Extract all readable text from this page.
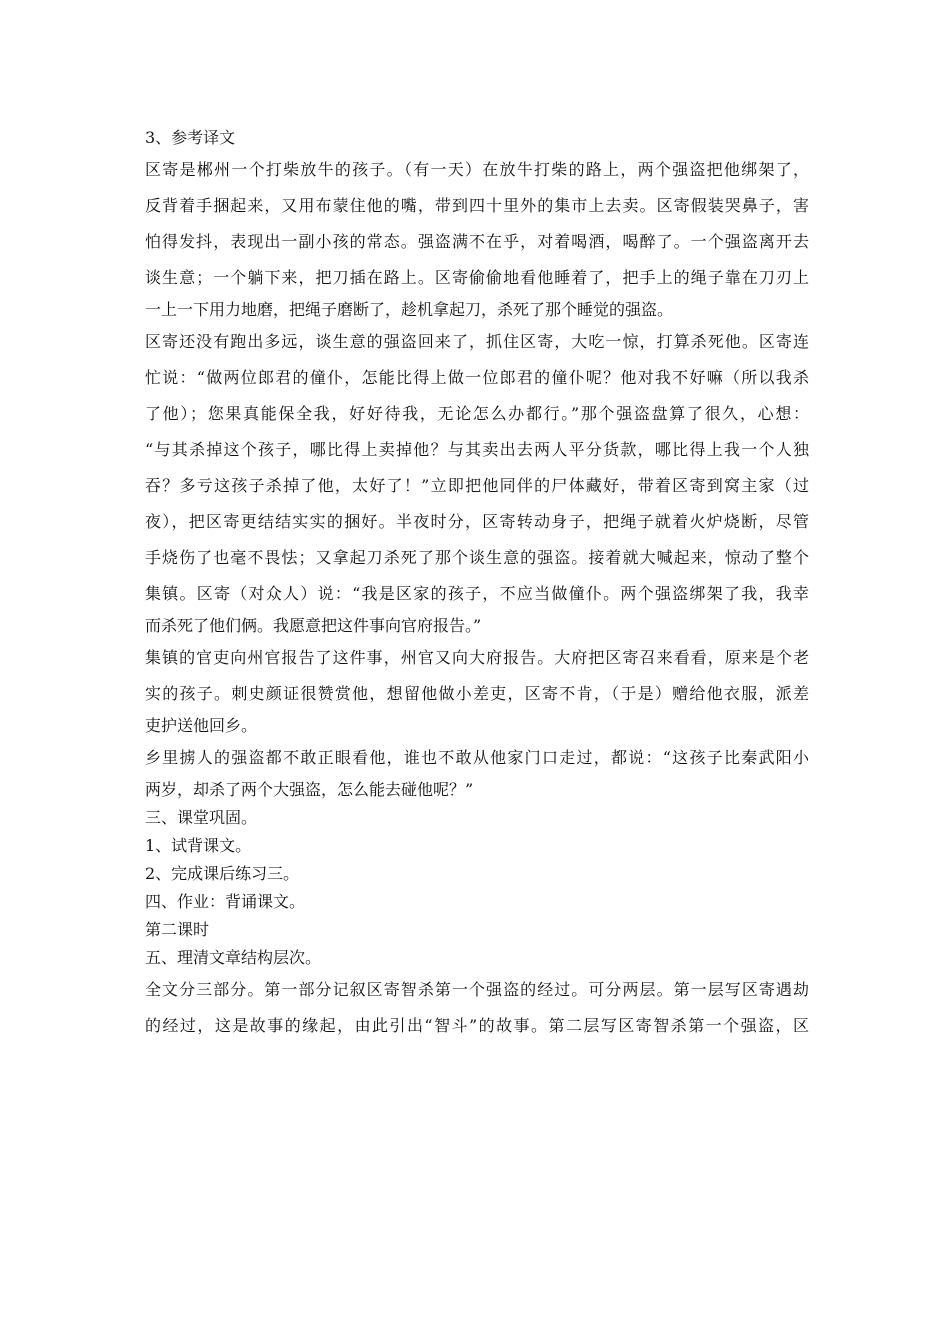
3、参考译文
区寄是郴州一个打柴放牛的孩子。（有一天）在放牛打柴的路上，两个强盗把他绑架了，
反背着手捆起来，又用布蒙住他的嘴，带到四十里外的集市上去卖。区寄假装哭鼻子，害
怕得发抖，表现出一副小孩的常态。强盗满不在乎，对着喝酒，喝醉了。一个强盗离开去
谈生意；一个躺下来，把刀插在路上。区寄偷偷地看他睡着了，把手上的绳子靠在刀刃上
一上一下用力地磨，把绳子磨断了，趁机拿起刀，杀死了那个睡觉的强盗。
区寄还没有跑出多远，谈生意的强盗回来了，抓住区寄，大吃一惊，打算杀死他。区寄连
忙说：“做两位郎君的僮仆，怎能比得上做一位郎君的僮仆呢？他对我不好嘛（所以我杀
了他）；您果真能保全我，好好待我，无论怎么办都行。”那个强盗盘算了很久，心想：
“与其杀掉这个孩子，哪比得上卖掉他？与其卖出去两人平分货款，哪比得上我一个人独
吞？多亏这孩子杀掉了他，太好了！”立即把他同伴的尸体藏好，带着区寄到窝主家（过
夜），把区寄更结结实实的捆好。半夜时分，区寄转动身子，把绳子就着火炉烧断，尽管
手烧伤了也毫不畏怯；又拿起刀杀死了那个谈生意的强盗。接着就大喊起来，惊动了整个
集镇。区寄（对众人）说：“我是区家的孩子，不应当做僮仆。两个强盗绑架了我，我幸
而杀死了他们俩。我愿意把这件事向官府报告。”
集镇的官吏向州官报告了这件事，州官又向大府报告。大府把区寄召来看看，原来是个老
实的孩子。刺史颜证很赞赏他，想留他做小差吏，区寄不肯，（于是）赠给他衣服，派差
吏护送他回乡。
乡里掳人的强盗都不敢正眼看他，谁也不敢从他家门口走过，都说：“这孩子比秦武阳小
两岁，却杀了两个大强盗，怎么能去碰他呢？”
三、课堂巩固。
1、试背课文。
2、完成课后练习三。
四、作业：背诵课文。
第二课时
五、理清文章结构层次。
全文分三部分。第一部分记叙区寄智杀第一个强盗的经过。可分两层。第一层写区寄遇劫
的经过，这是故事的缘起，由此引出“智斗”的故事。第二层写区寄智杀第一个强盗，区
